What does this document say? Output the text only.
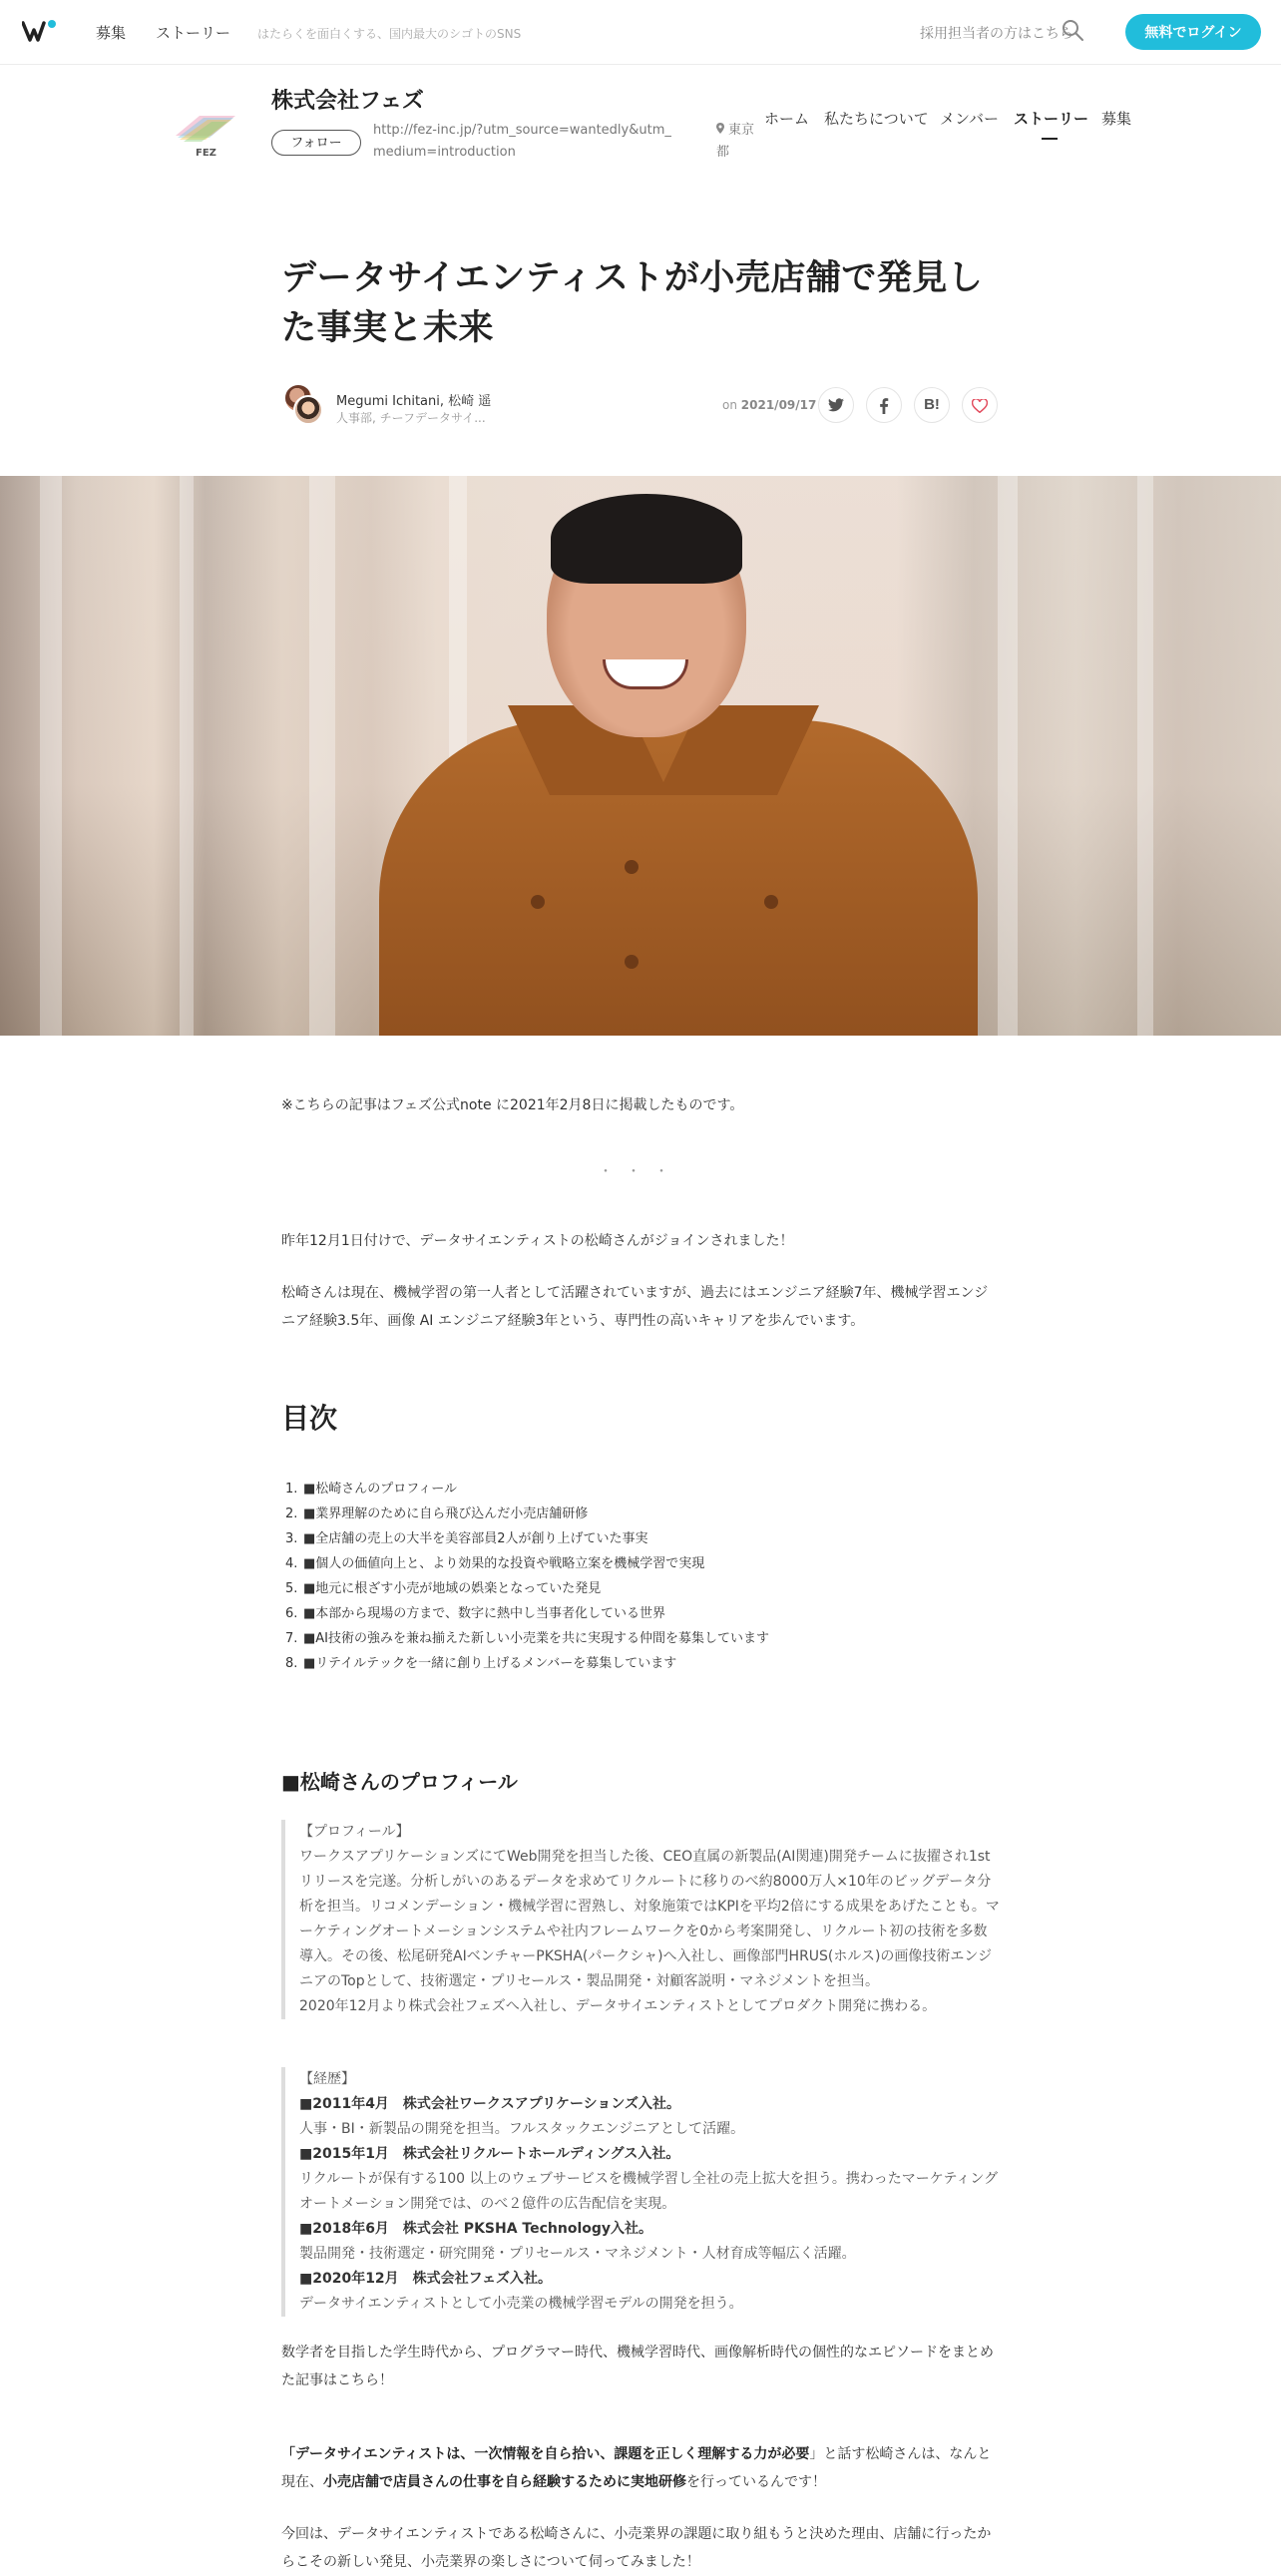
募集 ストーリー はたらくを面白くする、国内最大のシゴトのSNS	採用担当者の方はこちら	無料でログイン
FEZ
株式会社フェズ
フォロー
http://fez-inc.jp/?utm_source=wantedly&utm_medium=introduction
東京都
ホーム 私たちについて メンバー ストーリー 募集
データサイエンティストが小売店舗で発見した事実と未来
Megumi Ichitani, 松崎 遥
人事部, チーフデータサイ...
on 2021/09/17	B!

※こちらの記事はフェズ公式note に2021年2月8日に掲載したものです。

・・・

昨年12月1日付けで、データサイエンティストの松崎さんがジョインされました！

松崎さんは現在、機械学習の第一人者として活躍されていますが、過去にはエンジニア経験7年、機械学習エンジニア経験3.5年、画像 AI エンジニア経験3年という、専門性の高いキャリアを歩んでいます。

目次
1. ■松崎さんのプロフィール
2. ■業界理解のために自ら飛び込んだ小売店舗研修
3. ■全店舗の売上の大半を美容部員2人が創り上げていた事実
4. ■個人の価値向上と、より効果的な投資や戦略立案を機械学習で実現
5. ■地元に根ざす小売が地域の娯楽となっていた発見
6. ■本部から現場の方まで、数字に熱中し当事者化している世界
7. ■AI技術の強みを兼ね揃えた新しい小売業を共に実現する仲間を募集しています
8. ■リテイルテックを一緒に創り上げるメンバーを募集しています
■松崎さんのプロフィール
【プロフィール】
ワークスアプリケーションズにてWeb開発を担当した後、CEO直属の新製品(AI関連)開発チームに抜擢され1stリリースを完遂。分析しがいのあるデータを求めてリクルートに移りのべ約8000万人×10年のビッグデータ分析を担当。リコメンデーション・機械学習に習熟し、対象施策ではKPIを平均2倍にする成果をあげたことも。マーケティングオートメーションシステムや社内フレームワークを0から考案開発し、リクルート初の技術を多数導入。その後、松尾研発AIベンチャーPKSHA(パークシャ)へ入社し、画像部門HRUS(ホルス)の画像技術エンジニアのTopとして、技術選定・プリセールス・製品開発・対顧客説明・マネジメントを担当。
2020年12月より株式会社フェズへ入社し、データサイエンティストとしてプロダクト開発に携わる。
【経歴】
■2011年4月　株式会社ワークスアプリケーションズ入社。
人事・BI・新製品の開発を担当。フルスタックエンジニアとして活躍。
■2015年1月　株式会社リクルートホールディングス入社。
リクルートが保有する100 以上のウェブサービスを機械学習し全社の売上拡大を担う。携わったマーケティングオートメーション開発では、のべ２億件の広告配信を実現。
■2018年6月　株式会社 PKSHA Technology入社。
製品開発・技術選定・研究開発・プリセールス・マネジメント・人材育成等幅広く活躍。
■2020年12月　株式会社フェズ入社。
データサイエンティストとして小売業の機械学習モデルの開発を担う。

数学者を目指した学生時代から、プログラマー時代、機械学習時代、画像解析時代の個性的なエピソードをまとめた記事はこちら！

「データサイエンティストは、一次情報を自ら拾い、課題を正しく理解する力が必要」と話す松崎さんは、なんと現在、小売店舗で店員さんの仕事を自ら経験するために実地研修を行っているんです！

今回は、データサイエンティストである松崎さんに、小売業界の課題に取り組もうと決めた理由、店舗に行ったからこその新しい発見、小売業界の楽しさについて伺ってみました！
